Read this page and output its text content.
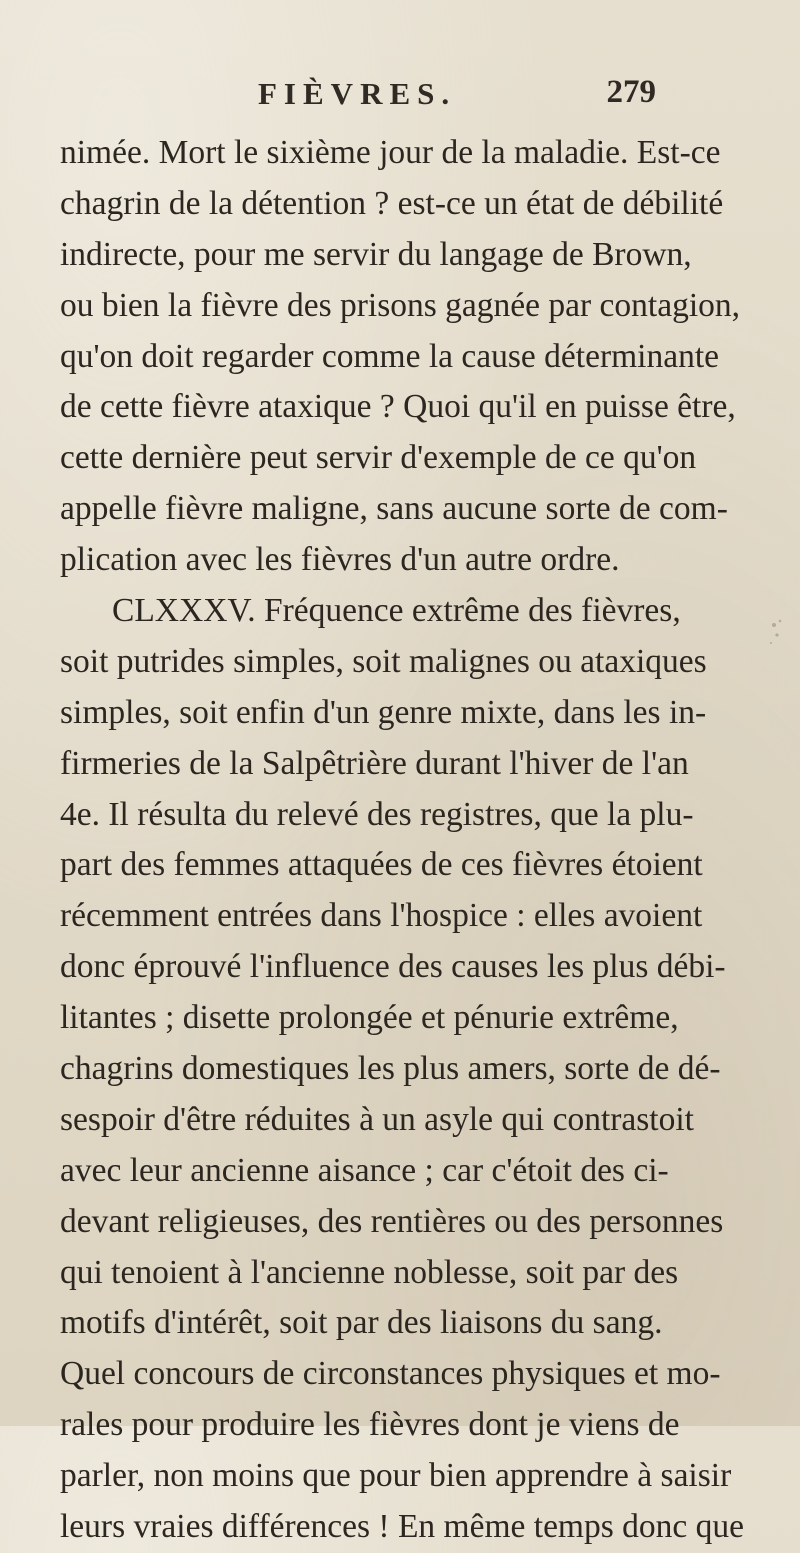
FIÈVRES.	279
nimée. Mort le sixième jour de la maladie. Est-ce
chagrin de la détention ? est-ce un état de débilité
indirecte, pour me servir du langage de Brown,
ou bien la fièvre des prisons gagnée par contagion,
qu'on doit regarder comme la cause déterminante
de cette fièvre ataxique ? Quoi qu'il en puisse être,
cette dernière peut servir d'exemple de ce qu'on
appelle fièvre maligne, sans aucune sorte de com-
plication avec les fièvres d'un autre ordre.
CLXXXV. Fréquence extrême des fièvres,
soit putrides simples, soit malignes ou ataxiques
simples, soit enfin d'un genre mixte, dans les in-
firmeries de la Salpêtrière durant l'hiver de l'an
4e. Il résulta du relevé des registres, que la plu-
part des femmes attaquées de ces fièvres étoient
récemment entrées dans l'hospice : elles avoient
donc éprouvé l'influence des causes les plus débi-
litantes ; disette prolongée et pénurie extrême,
chagrins domestiques les plus amers, sorte de dé-
sespoir d'être réduites à un asyle qui contrastoit
avec leur ancienne aisance ; car c'étoit des ci-
devant religieuses, des rentières ou des personnes
qui tenoient à l'ancienne noblesse, soit par des
motifs d'intérêt, soit par des liaisons du sang.
Quel concours de circonstances physiques et mo-
rales pour produire les fièvres dont je viens de
parler, non moins que pour bien apprendre à saisir
leurs vraies différences ! En même temps donc que
